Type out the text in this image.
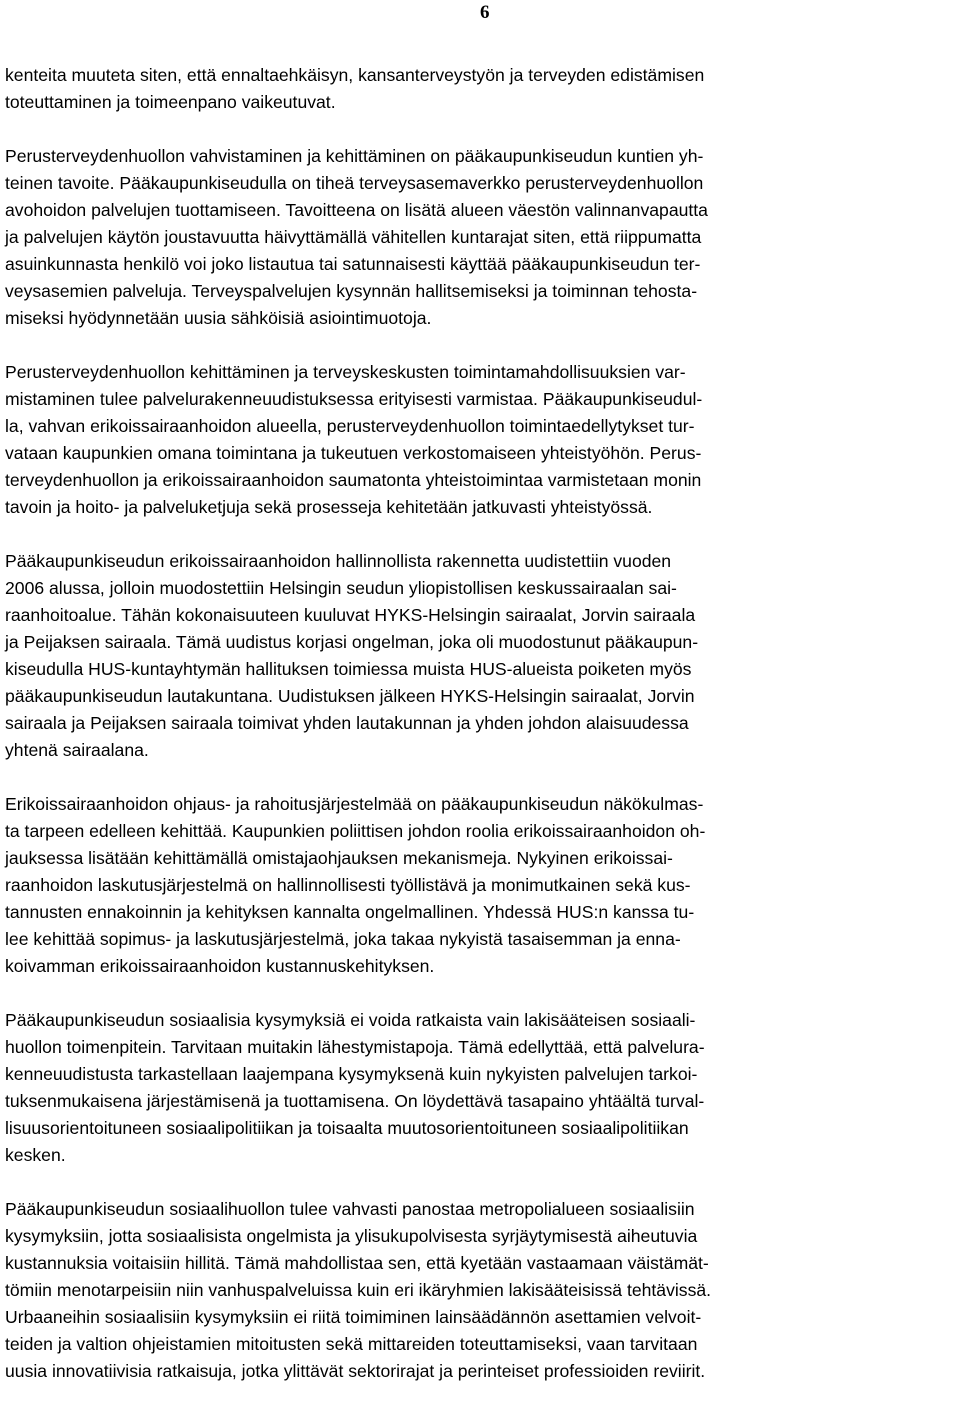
6

kenteita muuteta siten, että ennaltaehkäisyn, kansanterveystyön ja terveyden edistämisen
toteuttaminen ja toimeenpano vaikeutuvat.

Perusterveydenhuollon vahvistaminen ja kehittäminen on pääkaupunkiseudun kuntien yh-
teinen tavoite. Pääkaupunkiseudulla on tiheä terveysasemaverkko perusterveydenhuollon
avohoidon palvelujen tuottamiseen. Tavoitteena on lisätä alueen väestön valinnanvapautta
ja palvelujen käytön joustavuutta häivyttämällä vähitellen kuntarajat siten, että riippumatta
asuinkunnasta henkilö voi joko listautua tai satunnaisesti käyttää pääkaupunkiseudun ter-
veysasemien palveluja. Terveyspalvelujen kysynnän hallitsemiseksi ja toiminnan tehosta-
miseksi hyödynnetään uusia sähköisiä asiointimuotoja.

Perusterveydenhuollon kehittäminen ja terveyskeskusten toimintamahdollisuuksien var-
mistaminen tulee palvelurakenneuudistuksessa erityisesti varmistaa. Pääkaupunkiseudul-
la, vahvan erikoissairaanhoidon alueella, perusterveydenhuollon toimintaedellytykset tur-
vataan kaupunkien omana toimintana ja tukeutuen verkostomaiseen yhteistyöhön. Perus-
terveydenhuollon ja erikoissairaanhoidon saumatonta yhteistoimintaa varmistetaan monin
tavoin ja hoito- ja palveluketjuja sekä prosesseja kehitetään jatkuvasti yhteistyössä.

Pääkaupunkiseudun erikoissairaanhoidon hallinnollista rakennetta uudistettiin vuoden
2006 alussa, jolloin muodostettiin Helsingin seudun yliopistollisen keskussairaalan sai-
raanhoitoalue. Tähän kokonaisuuteen kuuluvat HYKS-Helsingin sairaalat, Jorvin sairaala
ja Peijaksen sairaala. Tämä uudistus korjasi ongelman, joka oli muodostunut pääkaupun-
kiseudulla HUS-kuntayhtymän hallituksen toimiessa muista HUS-alueista poiketen myös
pääkaupunkiseudun lautakuntana. Uudistuksen jälkeen HYKS-Helsingin sairaalat, Jorvin
sairaala ja Peijaksen sairaala toimivat yhden lautakunnan ja yhden johdon alaisuudessa
yhtenä sairaalana.

Erikoissairaanhoidon ohjaus- ja rahoitusjärjestelmää on pääkaupunkiseudun näkökulmas-
ta tarpeen edelleen kehittää. Kaupunkien poliittisen johdon roolia erikoissairaanhoidon oh-
jauksessa lisätään kehittämällä omistajaohjauksen mekanismeja. Nykyinen erikoissai-
raanhoidon laskutusjärjestelmä on hallinnollisesti työllistävä ja monimutkainen sekä kus-
tannusten ennakoinnin ja kehityksen kannalta ongelmallinen. Yhdessä HUS:n kanssa tu-
lee kehittää sopimus- ja laskutusjärjestelmä, joka takaa nykyistä tasaisemman ja enna-
koivamman erikoissairaanhoidon kustannuskehityksen.

Pääkaupunkiseudun sosiaalisia kysymyksiä ei voida ratkaista vain lakisääteisen sosiaali-
huollon toimenpitein. Tarvitaan muitakin lähestymistapoja. Tämä edellyttää, että palvelura-
kenneuudistusta tarkastellaan laajempana kysymyksenä kuin nykyisten palvelujen tarkoi-
tuksenmukaisena järjestämisenä ja tuottamisena. On löydettävä tasapaino yhtäältä turval-
lisuusorientoituneen sosiaalipolitiikan ja toisaalta muutosorientoituneen sosiaalipolitiikan
kesken.

Pääkaupunkiseudun sosiaalihuollon tulee vahvasti panostaa metropolialueen sosiaalisiin
kysymyksiin, jotta sosiaalisista ongelmista ja ylisukupolvisesta syrjäytymisestä aiheutuvia
kustannuksia voitaisiin hillitä. Tämä mahdollistaa sen, että kyetään vastaamaan väistämät-
tömiin menotarpeisiin niin vanhuspalveluissa kuin eri ikäryhmien lakisääteisissä tehtävissä.
Urbaaneihin sosiaalisiin kysymyksiin ei riitä toimiminen lainsäädännön asettamien velvoit-
teiden ja valtion ohjeistamien mitoitusten sekä mittareiden toteuttamiseksi, vaan tarvitaan
uusia innovatiivisia ratkaisuja, jotka ylittävät sektorirajat ja perinteiset professioiden reviirit.
